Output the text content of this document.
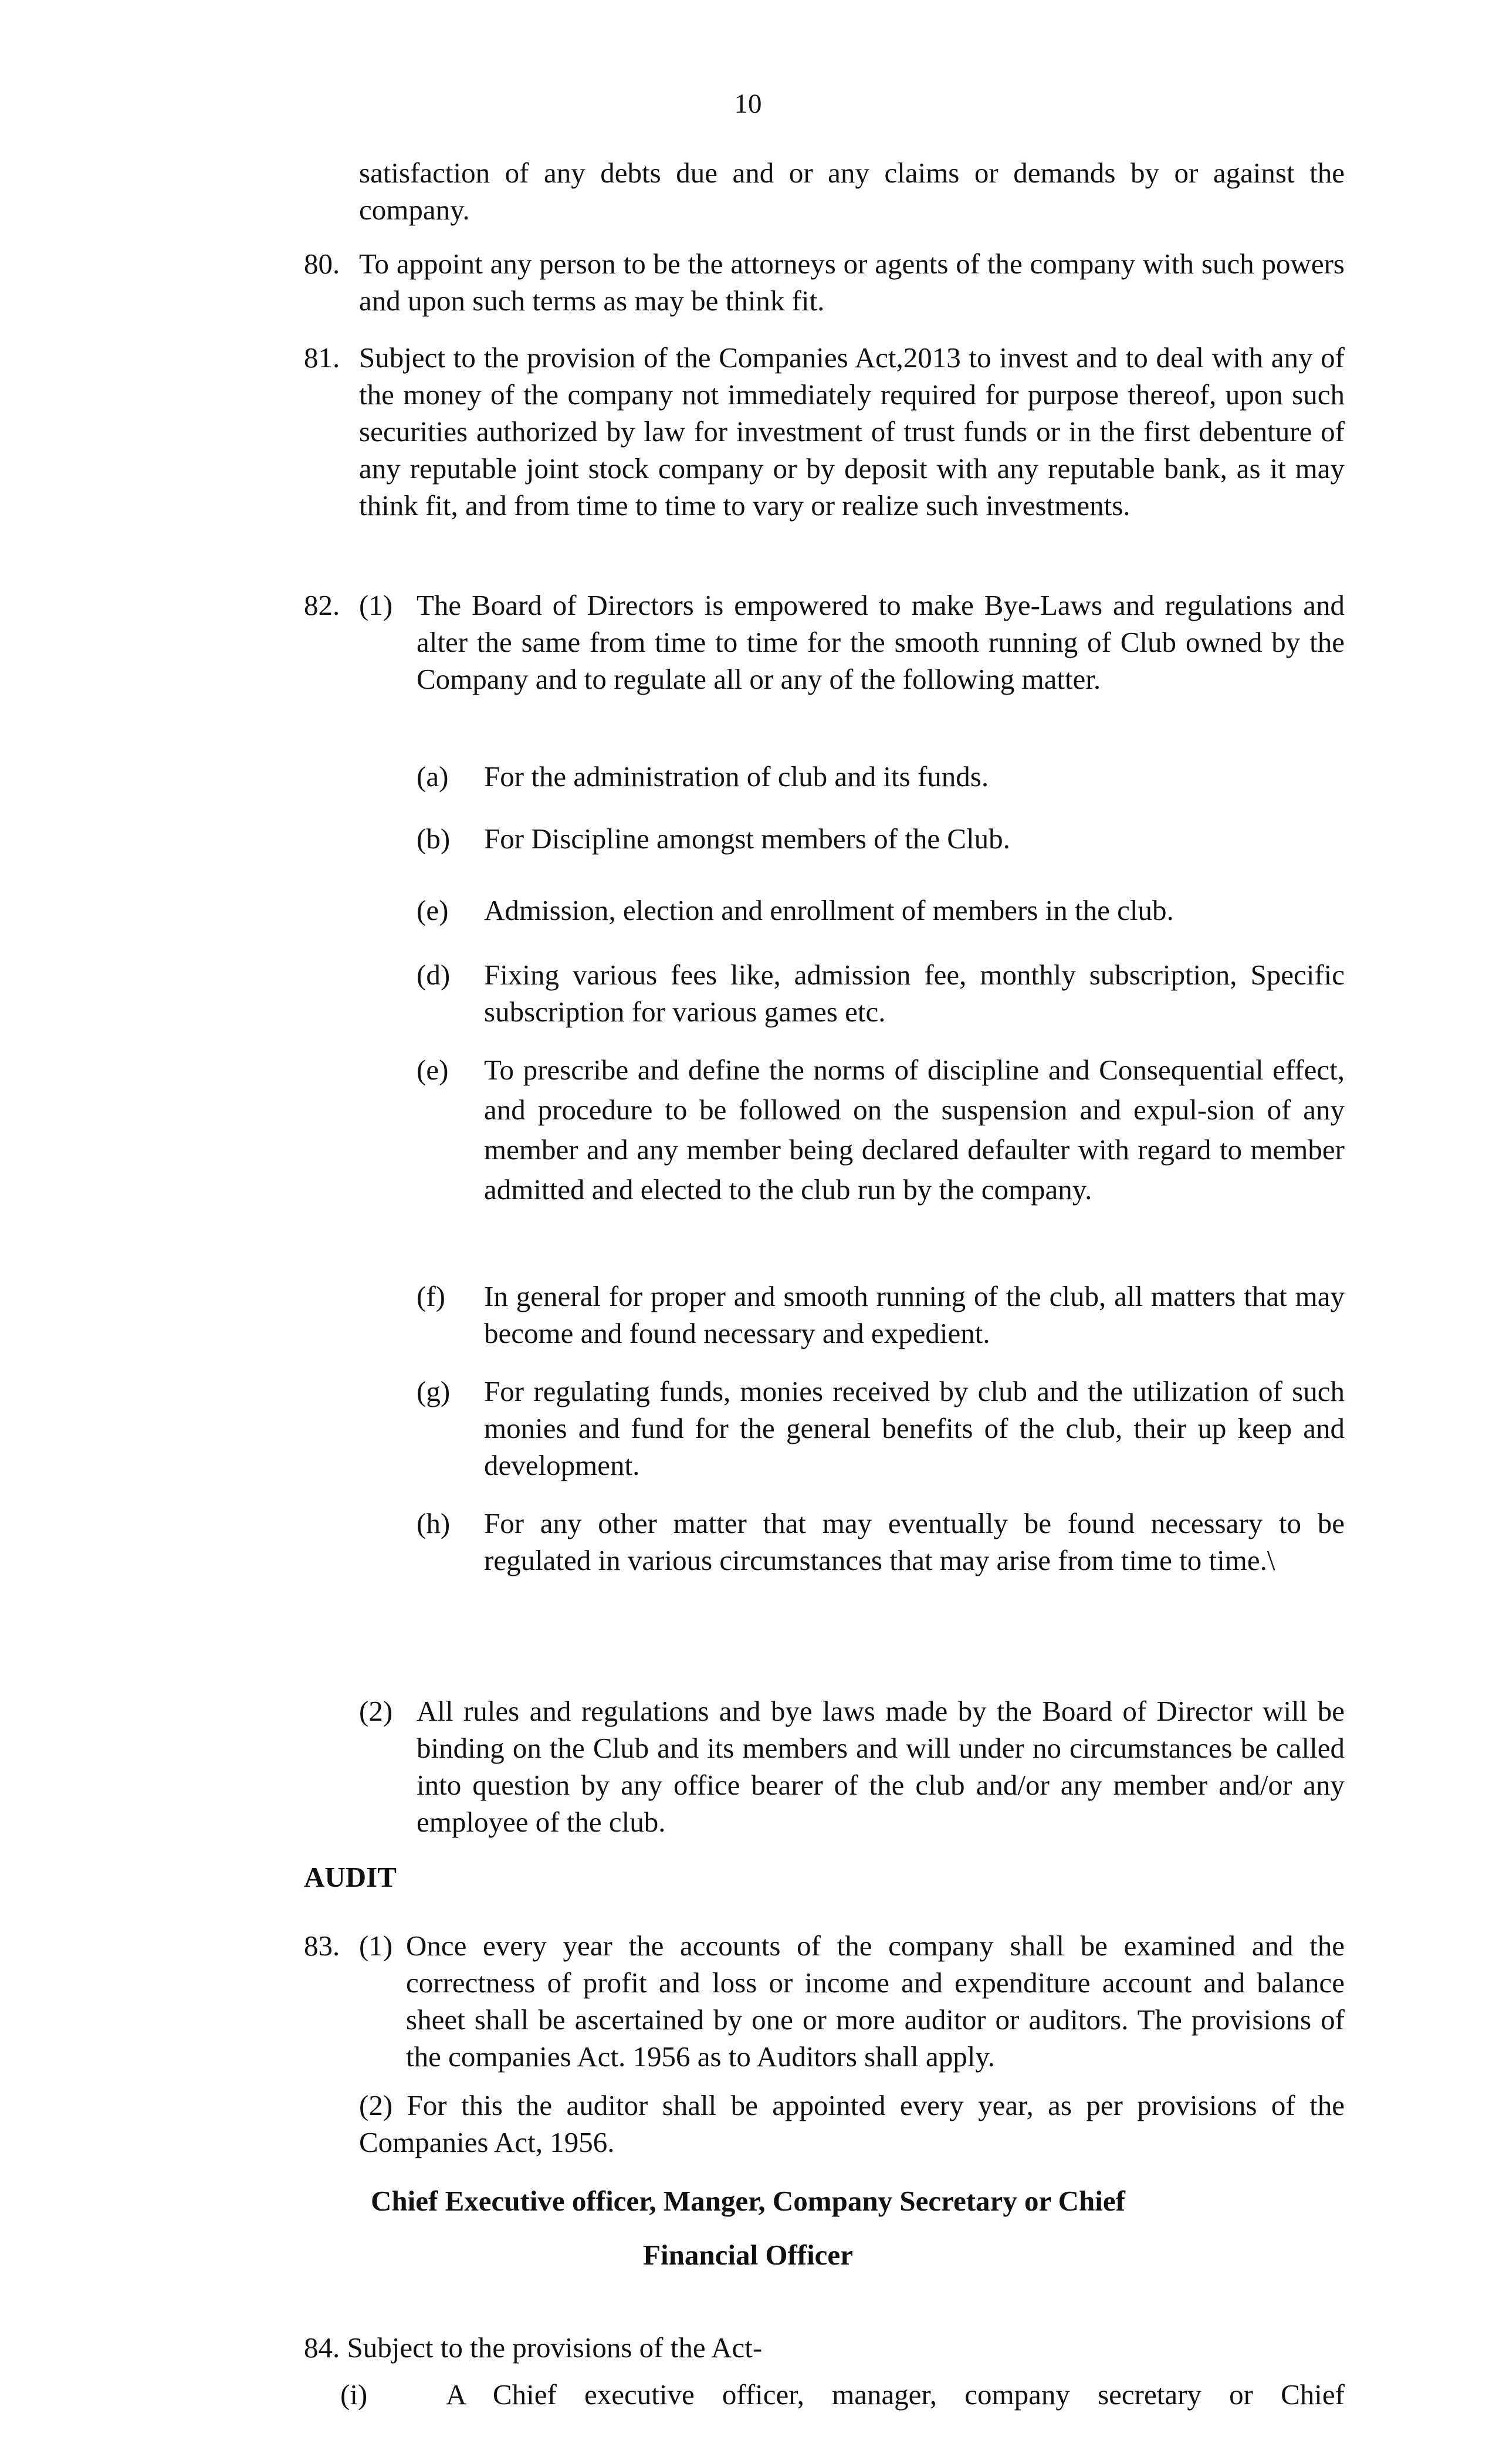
10

satisfaction of any debts due and or any claims or demands by or against the company.

80. To appoint any person to be the attorneys or agents of the company with such powers and upon such terms as may be think fit.

81. Subject to the provision of the Companies Act,2013 to invest and to deal with any of the money of the company not immediately required for purpose thereof, upon such securities authorized by law for investment of trust funds or in the first debenture of any reputable joint stock company or by deposit with any reputable bank, as it may think fit, and from time to time to vary or realize such investments.

82. (1) The Board of Directors is empowered to make Bye-Laws and regulations and alter the same from time to time for the smooth running of Club owned by the Company and to regulate all or any of the following matter.

(a) For the administration of club and its funds.

(b) For Discipline amongst members of the Club.

(e) Admission, election and enrollment of members in the club.

(d) Fixing various fees like, admission fee, monthly subscription, Specific subscription for various games etc.

(e) To prescribe and define the norms of discipline and Consequential effect, and procedure to be followed on the suspension and expul-sion of any member and any member being declared defaulter with regard to member admitted and elected to the club run by the company.

(f) In general for proper and smooth running of the club, all matters that may become and found necessary and expedient.

(g) For regulating funds, monies received by club and the utilization of such monies and fund for the general benefits of the club, their up keep and development.

(h) For any other matter that may eventually be found necessary to be regulated in various circumstances that may arise from time to time.\

(2) All rules and regulations and bye laws made by the Board of Director will be binding on the Club and its members and will under no circumstances be called into question by any office bearer of the club and/or any member and/or any employee of the club.

AUDIT
83. (1) Once every year the accounts of the company shall be examined and the correctness of profit and loss or income and expenditure account and balance sheet shall be ascertained by one or more auditor or auditors. The provisions of the companies Act. 1956 as to Auditors shall apply.

(2) For this the auditor shall be appointed every year, as per provisions of the Companies Act, 1956.

Chief Executive officer, Manger, Company Secretary or Chief
Financial Officer
84. Subject to the provisions of the Act-
(i)	A Chief executive officer, manager, company secretary or Chief
